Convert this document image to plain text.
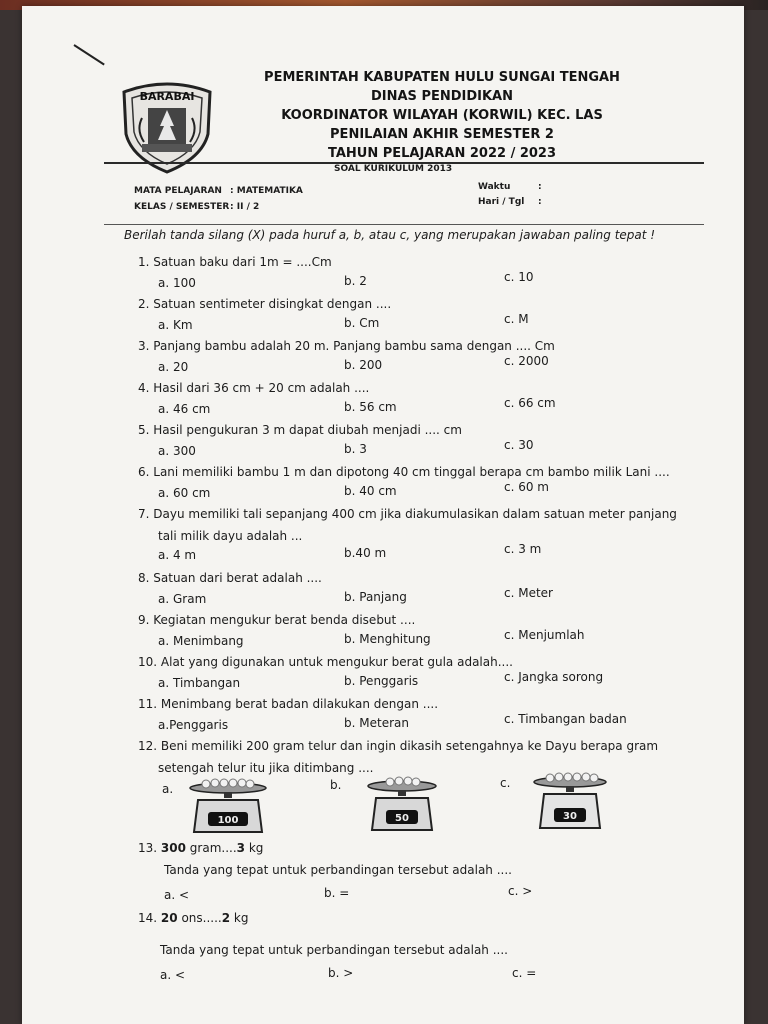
BARABAI
PEMERINTAH KABUPATEN HULU SUNGAI TENGAH
DINAS PENDIDIKAN
KOORDINATOR WILAYAH (KORWIL) KEC. LAS
PENILAIAN AKHIR SEMESTER 2
TAHUN PELAJARAN 2022 / 2023
SOAL KURIKULUM 2013
MATA PELAJARAN : MATEMATIKA
KELAS / SEMESTER : II / 2
Waktu	:
Hari / Tgl :
Berilah tanda silang (X) pada huruf a, b, atau c, yang merupakan jawaban paling tepat !
1. Satuan baku dari 1m = ....Cm
a. 100	b. 2	c. 10
2. Satuan sentimeter disingkat dengan ....
a. Km	b. Cm	c. M
3. Panjang bambu adalah 20 m. Panjang bambu sama dengan .... Cm
a. 20	b. 200	c. 2000
4. Hasil dari 36 cm + 20 cm adalah ....
a. 46 cm	b. 56 cm	c. 66 cm
5. Hasil pengukuran 3 m dapat diubah menjadi .... cm
a. 300	b. 3	c. 30
6. Lani memiliki bambu 1 m dan dipotong 40 cm tinggal berapa cm bambo milik Lani ....
a. 60 cm	b. 40 cm	c. 60 m
7. Dayu memiliki tali sepanjang 400 cm jika diakumulasikan dalam satuan meter panjang
tali milik dayu adalah ...
a. 4 m	b.40 m	c. 3 m
8. Satuan dari berat adalah ....
a. Gram	b. Panjang	c. Meter
9. Kegiatan mengukur berat benda disebut ....
a. Menimbang	b. Menghitung	c. Menjumlah
10. Alat yang digunakan untuk mengukur berat gula adalah....
a. Timbangan	b. Penggaris	c. Jangka sorong
11. Menimbang berat badan dilakukan dengan ....
a.Penggaris	b. Meteran	c. Timbangan badan
12. Beni memiliki 200 gram telur dan ingin dikasih setengahnya ke Dayu berapa gram
setengah telur itu jika ditimbang ....
a.	b.	c.
100	50	30
13. 300 gram....3 kg
Tanda yang tepat untuk perbandingan tersebut adalah ....
a. <	b. =	c. >
14. 20 ons.....2 kg
Tanda yang tepat untuk perbandingan tersebut adalah ....
a. <	b. >	c. =
